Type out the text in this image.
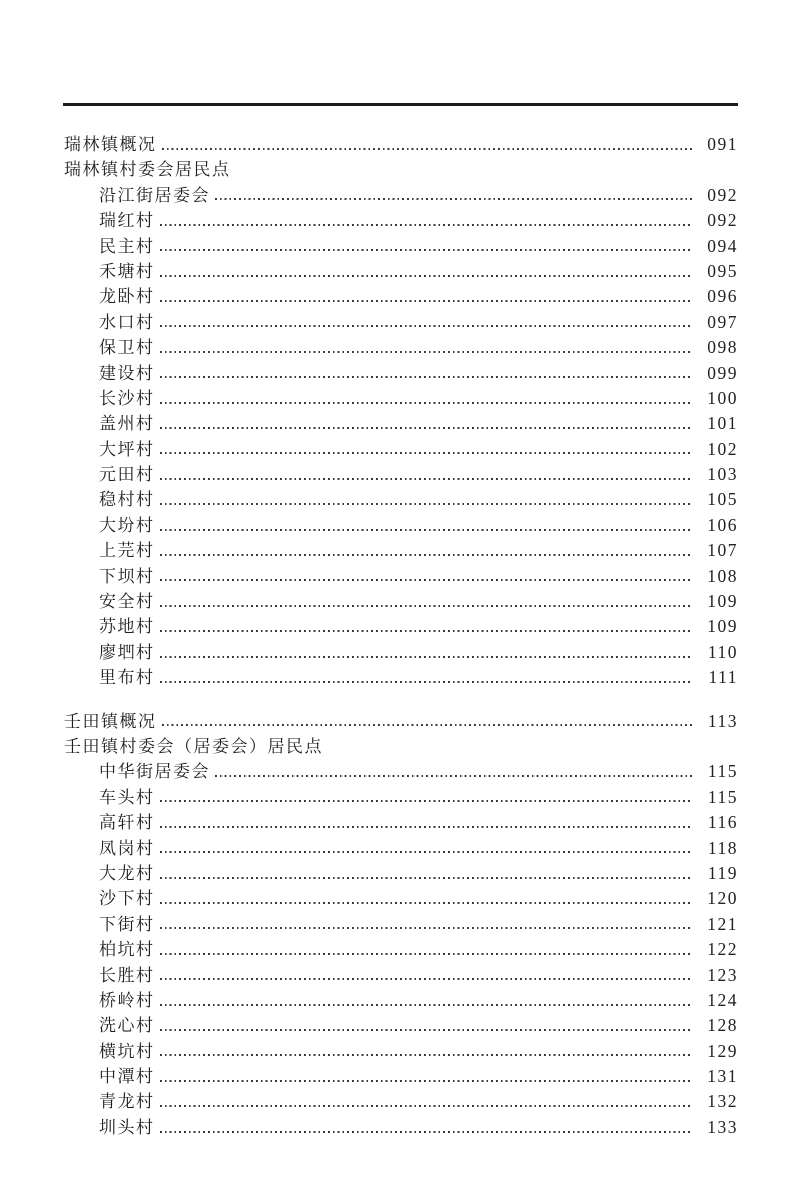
瑞林镇概况	091
瑞林镇村委会居民点
沿江街居委会	092
瑞红村	092
民主村	094
禾塘村	095
龙卧村	096
水口村	097
保卫村	098
建设村	099
长沙村	100
盖州村	101
大坪村	102
元田村	103
稳村村	105
大坋村	106
上芫村	107
下坝村	108
安全村	109
苏地村	109
廖垇村	110
里布村	111
壬田镇概况	113
壬田镇村委会（居委会）居民点
中华街居委会	115
车头村	115
高轩村	116
凤岗村	118
大龙村	119
沙下村	120
下街村	121
柏坑村	122
长胜村	123
桥岭村	124
洗心村	128
横坑村	129
中潭村	131
青龙村	132
圳头村	133
